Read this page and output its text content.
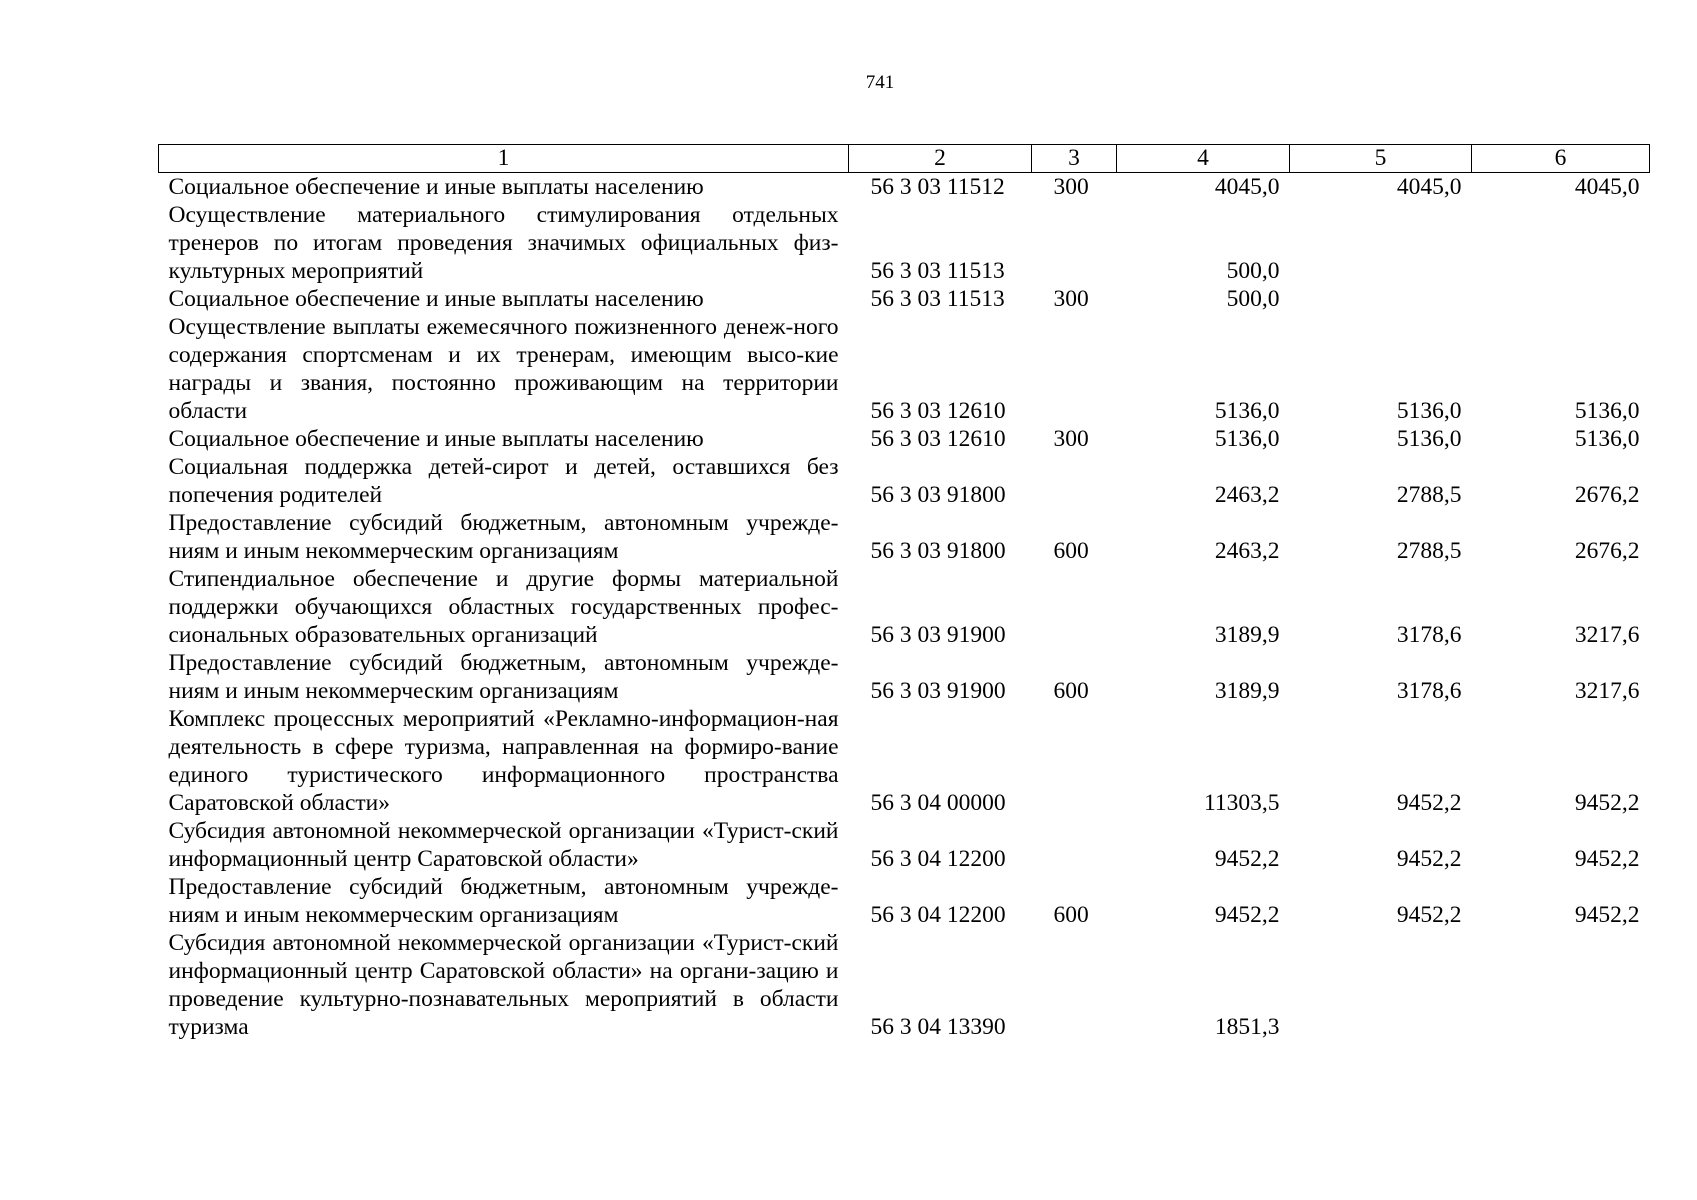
741
1	2	3	4	5	6
Социальное обеспечение и иные выплаты населению	56 3 03 11512	300	4045,0	4045,0	4045,0
Осуществление материального стимулирования отдельных тренеров по итогам проведения значимых официальных физ-культурных мероприятий	56 3 03 11513		500,0		
Социальное обеспечение и иные выплаты населению	56 3 03 11513	300	500,0		
Осуществление выплаты ежемесячного пожизненного денеж-ного содержания спортсменам и их тренерам, имеющим высо-кие награды и звания, постоянно проживающим на территории области	56 3 03 12610		5136,0	5136,0	5136,0
Социальное обеспечение и иные выплаты населению	56 3 03 12610	300	5136,0	5136,0	5136,0
Социальная поддержка детей-сирот и детей, оставшихся без попечения родителей	56 3 03 91800		2463,2	2788,5	2676,2
Предоставление субсидий бюджетным, автономным учрежде-ниям и иным некоммерческим организациям	56 3 03 91800	600	2463,2	2788,5	2676,2
Стипендиальное обеспечение и другие формы материальной поддержки обучающихся областных государственных профес-сиональных образовательных организаций	56 3 03 91900		3189,9	3178,6	3217,6
Предоставление субсидий бюджетным, автономным учрежде-ниям и иным некоммерческим организациям	56 3 03 91900	600	3189,9	3178,6	3217,6
Комплекс процессных мероприятий «Рекламно-информацион-ная деятельность в сфере туризма, направленная на формиро-вание единого туристического информационного пространства Саратовской области»	56 3 04 00000		11303,5	9452,2	9452,2
Субсидия автономной некоммерческой организации «Турист-ский информационный центр Саратовской области»	56 3 04 12200		9452,2	9452,2	9452,2
Предоставление субсидий бюджетным, автономным учрежде-ниям и иным некоммерческим организациям	56 3 04 12200	600	9452,2	9452,2	9452,2
Субсидия автономной некоммерческой организации «Турист-ский информационный центр Саратовской области» на органи-зацию и проведение культурно-познавательных мероприятий в области туризма	56 3 04 13390		1851,3		
